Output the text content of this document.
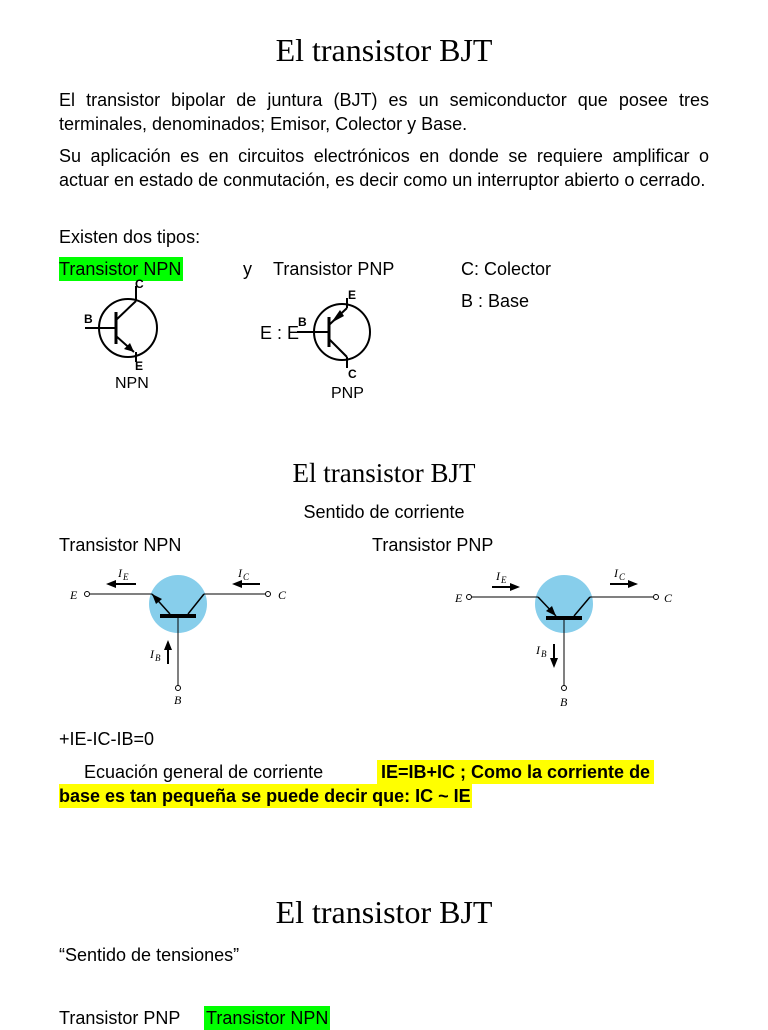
El transistor BJT
El transistor bipolar de juntura (BJT) es un semiconductor que posee tres terminales, denominados; Emisor, Colector y Base.
Su aplicación es en circuitos electrónicos en donde se requiere amplificar o actuar en estado de conmutación, es decir como un interruptor abierto o cerrado.
Existen dos tipos:
Transistor NPN	y Transistor PNP	C: Colector
B : Base
E : E
C
B
E
NPN
E
B
C
PNP
El transistor BJT
Sentido de corriente
Transistor NPN	Transistor PNP
E	C
B
I E	I C
I B
E	C
B
I E	I C
I B
+IE-IC-IB=0
Ecuación general de corriente	IE=IB+IC ; Como la corriente de
base es tan pequeña se puede decir que: IC ~ IE
El transistor BJT
“Sentido de tensiones”
Transistor PNP Transistor NPN
